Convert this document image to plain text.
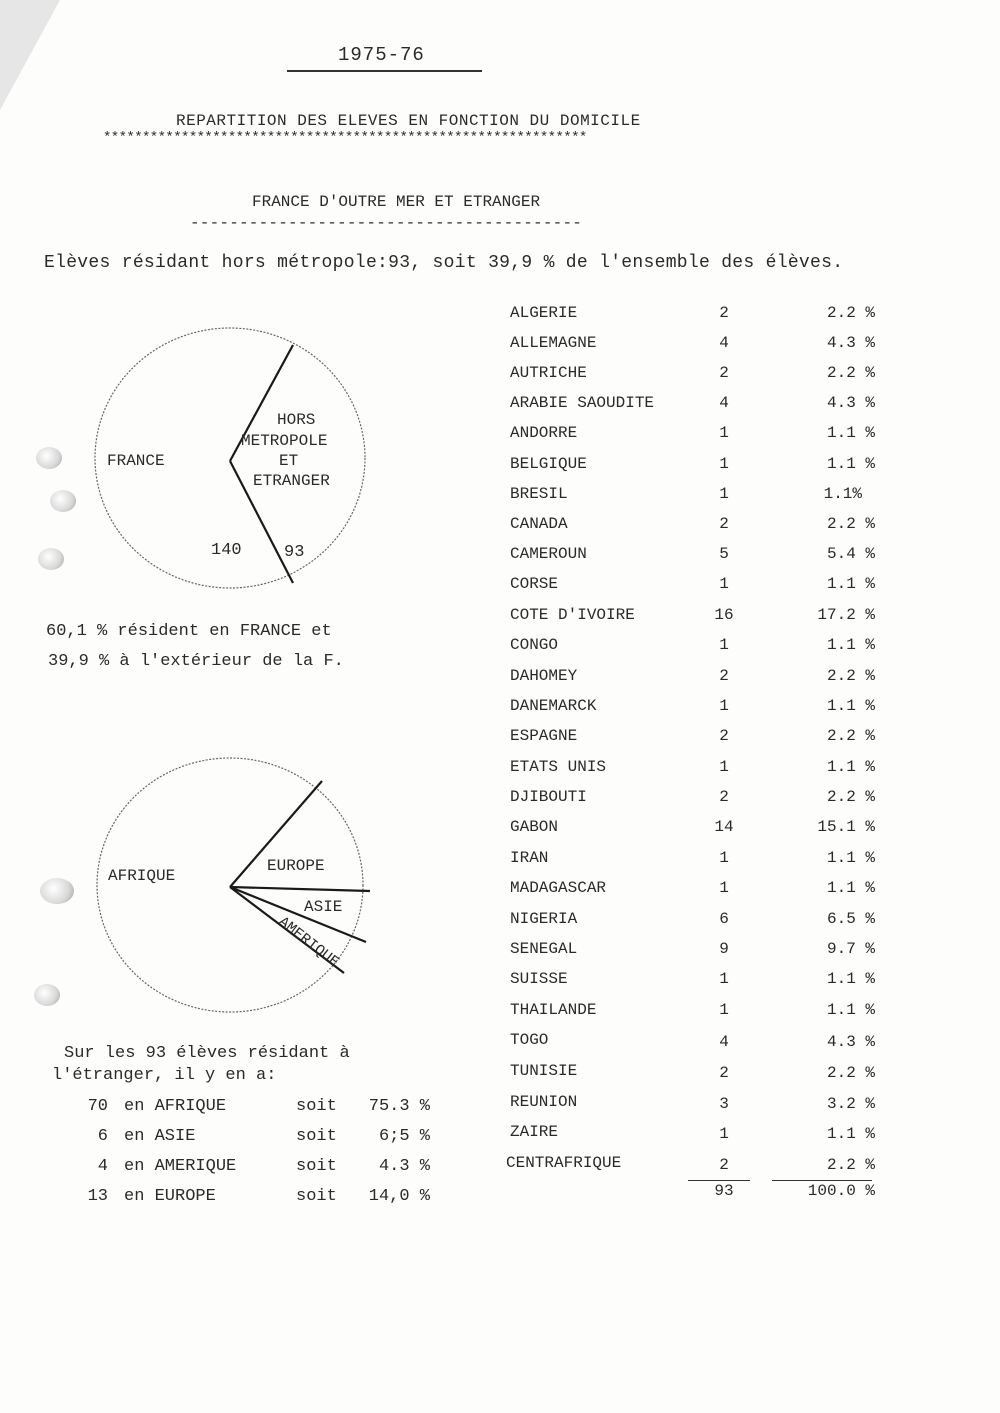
1975-76
REPARTITION DES ELEVES EN FONCTION DU DOMICILE
**************************************************************
FRANCE D'OUTRE MER ET ETRANGER
----------------------------------------
Elèves résidant hors métropole:93, soit 39,9 % de l'ensemble des élèves.
FRANCE
HORS
METROPOLE
ET
ETRANGER
140 93
60,1 % résident en FRANCE et
39,9 % à l'extérieur de la F.
AFRIQUE
EUROPE
ASIE
AMERIQUE
Sur les 93 élèves résidant à
l'étranger, il y en a:
70 en AFRIQUE	soit	75.3 %
6 en ASIE	soit	6;5 %
4 en AMERIQUE	soit	4.3 %
13 en EUROPE	soit	14,0 %
ALGERIE	2	2.2 %
ALLEMAGNE	4	4.3 %
AUTRICHE	2	2.2 %
ARABIE SAOUDITE	4	4.3 %
ANDORRE	1	1.1 %
BELGIQUE	1	1.1 %
BRESIL	1	1.1%
CANADA	2	2.2 %
CAMEROUN	5	5.4 %
CORSE	1	1.1 %
COTE D'IVOIRE	16	17.2 %
CONGO	1	1.1 %
DAHOMEY	2	2.2 %
DANEMARCK	1	1.1 %
ESPAGNE	2	2.2 %
ETATS UNIS	1	1.1 %
DJIBOUTI	2	2.2 %
GABON	14	15.1 %
IRAN	1	1.1 %
MADAGASCAR	1	1.1 %
NIGERIA	6	6.5 %
SENEGAL	9	9.7 %
SUISSE	1	1.1 %
THAILANDE	1	1.1 %
TOGO	4	4.3 %
TUNISIE	2	2.2 %
REUNION	3	3.2 %
ZAIRE	1	1.1 %
CENTRAFRIQUE	2	2.2 %
93	100.0 %
